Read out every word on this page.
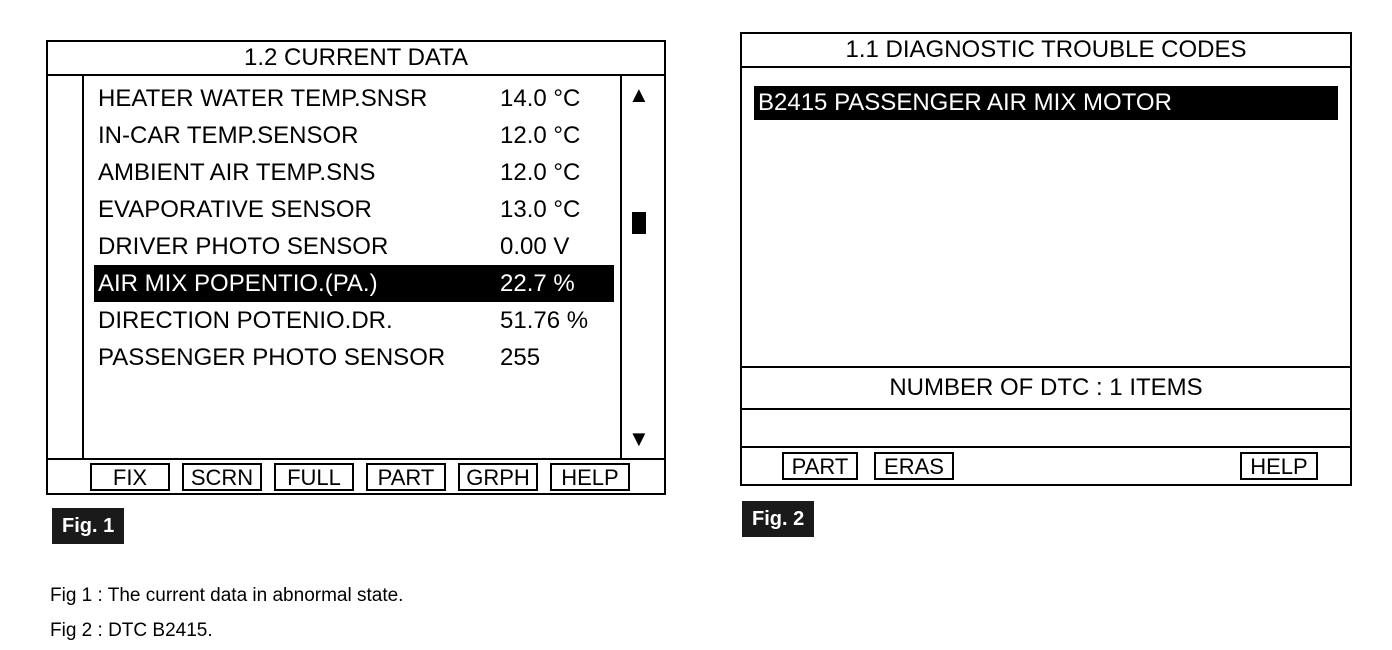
1.2 CURRENT DATA
HEATER WATER TEMP.SNSR	14.0 °C
IN-CAR TEMP.SENSOR	12.0 °C
AMBIENT AIR TEMP.SNS	12.0 °C
EVAPORATIVE SENSOR	13.0 °C
DRIVER PHOTO SENSOR	0.00 V
AIR MIX POPENTIO.(PA.)	22.7 %
DIRECTION POTENIO.DR.	51.76 %
PASSENGER PHOTO SENSOR 255
▲
▼
FIX	SCRN	FULL	PART	GRPH	HELP
Fig. 1
1.1 DIAGNOSTIC TROUBLE CODES
B2415 PASSENGER AIR MIX MOTOR
NUMBER OF DTC : 1 ITEMS
PART	ERAS	HELP
Fig. 2
Fig 1 : The current data in abnormal state.
Fig 2 : DTC B2415.
